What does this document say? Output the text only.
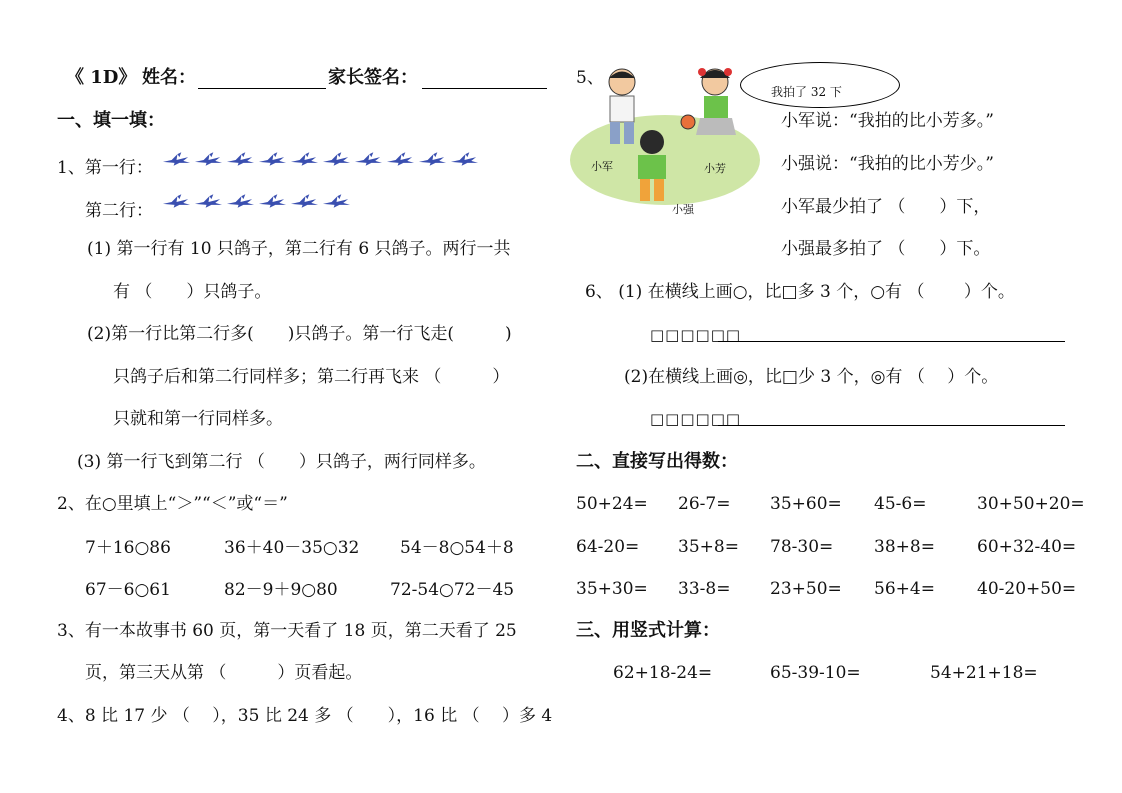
《 1D》 姓名：	家长签名：
一、填一填：
1、第一行：
第二行：
(1) 第一行有 10 只鸽子，第二行有 6 只鸽子。两行一共
有 （　　）只鸽子。
(2)第一行比第二行多(　　)只鸽子。第一行飞走(　　　)
只鸽子后和第二行同样多；第二行再飞来 （　　　）
只就和第一行同样多。
(3) 第一行飞到第二行 （　　）只鸽子，两行同样多。
2、在○里填上“＞”“＜”或“＝”
7＋16○86	36＋40－35○32 54－8○54＋8
67－6○61	82－9＋9○80	72-54○72－45
3、有一本故事书 60 页，第一天看了 18 页，第二天看了 25
页，第三天从第 （　　　）页看起。
4、8 比 17 少 （　 ），35 比 24 多 （　　），16 比 （　 ）多 4
5、
小军	小芳
小强
我拍了 32 下
小军说：“我拍的比小芳多。”
小强说：“我拍的比小芳少。”
小军最少拍了 （　　）下，
小强最多拍了 （　　）下。
6、 (1) 在横线上画○，比□多 3 个，○有 （　　 ）个。
□□□□□□
(2)在横线上画◎，比□少 3 个，◎有 （　 ）个。
□□□□□□
二、直接写出得数：
50+24= 26-7= 35+60= 45-6=	30+50+20=
64-20= 35+8= 78-30= 38+8= 60+32-40=
35+30= 33-8= 23+50= 56+4= 40-20+50=
三、用竖式计算：
62+18-24=	65-39-10=	54+21+18=
